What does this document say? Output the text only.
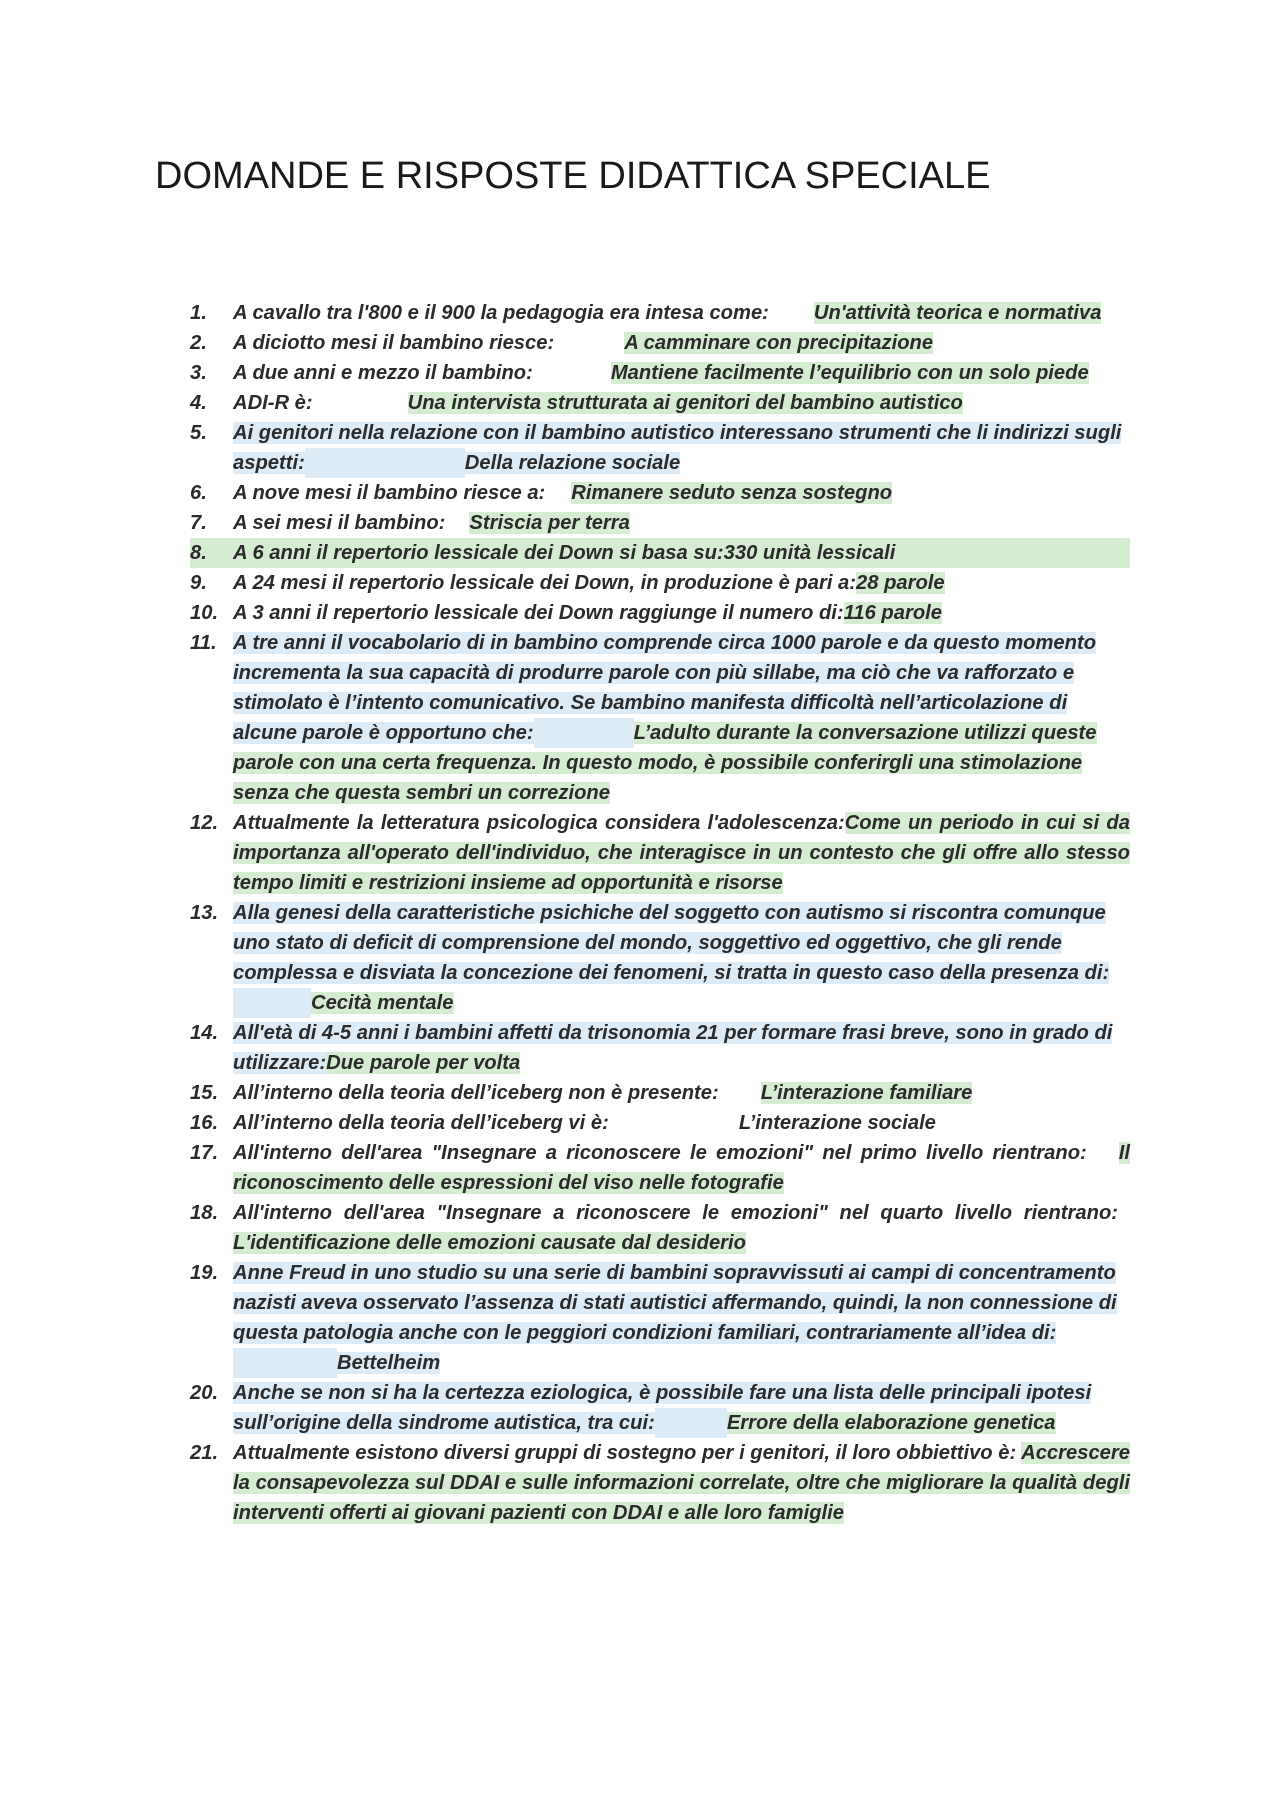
DOMANDE E RISPOSTE DIDATTICA SPECIALE
1.	A cavallo tra l'800 e il 900 la pedagogia era intesa come: Un'attività teorica e normativa
2.	A diciotto mesi il bambino riesce:	A camminare con precipitazione
3.	A due anni e mezzo il bambino:	Mantiene facilmente l’equilibrio con un solo piede
4.	ADI-R è:	Una intervista strutturata ai genitori del bambino autistico
5.	Ai genitori nella relazione con il bambino autistico interessano strumenti che li indirizzi sugli aspetti:	Della relazione sociale
6.	A nove mesi il bambino riesce a: Rimanere seduto senza sostegno
7.	A sei mesi il bambino: Striscia per terra
8.	A 6 anni il repertorio lessicale dei Down si basa su:330 unità lessicali
9.	A 24 mesi il repertorio lessicale dei Down, in produzione è pari a:28 parole
10. A 3 anni il repertorio lessicale dei Down raggiunge il numero di:116 parole
11. A tre anni il vocabolario di in bambino comprende circa 1000 parole e da questo momento incrementa la sua capacità di produrre parole con più sillabe, ma ciò che va rafforzato e stimolato è l’intento comunicativo. Se bambino manifesta difficoltà nell’articolazione di alcune parole è opportuno che:	L’adulto durante la conversazione utilizzi queste parole con una certa frequenza. In questo modo, è possibile conferirgli una stimolazione senza che questa sembri un correzione
12. Attualmente la letteratura psicologica considera l'adolescenza:Come un periodo in cui si da importanza all'operato dell'individuo, che interagisce in un contesto che gli offre allo stesso tempo limiti e restrizioni insieme ad opportunità e risorse
13. Alla genesi della caratteristiche psichiche del soggetto con autismo si riscontra comunque uno stato di deficit di comprensione del mondo, soggettivo ed oggettivo, che gli rende complessa e disviata la concezione dei fenomeni, si tratta in questo caso della presenza di: Cecità mentale
14. All'età di 4-5 anni i bambini affetti da trisonomia 21 per formare frasi breve, sono in grado di utilizzare:Due parole per volta
15. All’interno della teoria dell’iceberg non è presente: L’interazione familiare
16. All’interno della teoria dell’iceberg vi è:	L’interazione sociale
17. All'interno dell'area "Insegnare a riconoscere le emozioni" nel primo livello rientrano: Il riconoscimento delle espressioni del viso nelle fotografie
18. All'interno dell'area "Insegnare a riconoscere le emozioni" nel quarto livello rientrano:L'identificazione delle emozioni causate dal desiderio
19. Anne Freud in uno studio su una serie di bambini sopravvissuti ai campi di concentramento nazisti aveva osservato l’assenza di stati autistici affermando, quindi, la non connessione di questa patologia anche con le peggiori condizioni familiari, contrariamente all’idea di: Bettelheim
20. Anche se non si ha la certezza eziologica, è possibile fare una lista delle principali ipotesi sull’origine della sindrome autistica, tra cui:	Errore della elaborazione genetica
21. Attualmente esistono diversi gruppi di sostegno per i genitori, il loro obbiettivo è: Accrescere la consapevolezza sul DDAI e sulle informazioni correlate, oltre che migliorare la qualità degli interventi offerti ai giovani pazienti con DDAI e alle loro famiglie
